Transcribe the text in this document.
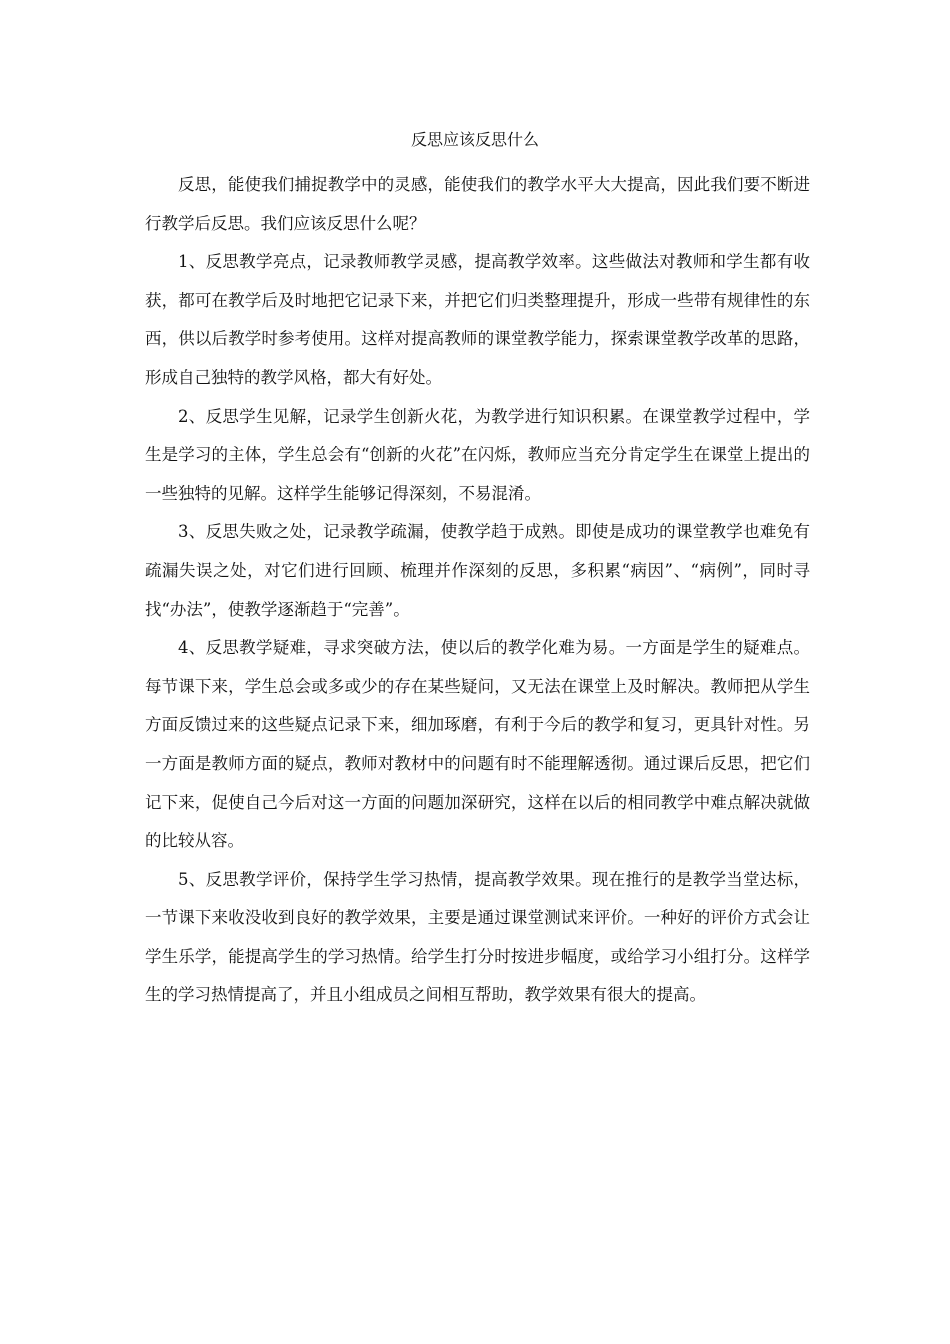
反思应该反思什么

反思，能使我们捕捉教学中的灵感，能使我们的教学水平大大提高，因此我们要不断进行教学后反思。我们应该反思什么呢？

1、反思教学亮点，记录教师教学灵感，提高教学效率。这些做法对教师和学生都有收获，都可在教学后及时地把它记录下来，并把它们归类整理提升，形成一些带有规律性的东西，供以后教学时参考使用。这样对提高教师的课堂教学能力，探索课堂教学改革的思路，形成自己独特的教学风格，都大有好处。

2、反思学生见解，记录学生创新火花，为教学进行知识积累。在课堂教学过程中，学生是学习的主体，学生总会有“创新的火花”在闪烁，教师应当充分肯定学生在课堂上提出的一些独特的见解。这样学生能够记得深刻，不易混淆。

3、反思失败之处，记录教学疏漏，使教学趋于成熟。即使是成功的课堂教学也难免有疏漏失误之处，对它们进行回顾、梳理并作深刻的反思，多积累“病因”、“病例”，同时寻找“办法”，使教学逐渐趋于“完善”。

4、反思教学疑难，寻求突破方法，使以后的教学化难为易。一方面是学生的疑难点。每节课下来，学生总会或多或少的存在某些疑问，又无法在课堂上及时解决。教师把从学生方面反馈过来的这些疑点记录下来，细加琢磨，有利于今后的教学和复习，更具针对性。另一方面是教师方面的疑点，教师对教材中的问题有时不能理解透彻。通过课后反思，把它们记下来，促使自己今后对这一方面的问题加深研究，这样在以后的相同教学中难点解决就做的比较从容。

5、反思教学评价，保持学生学习热情，提高教学效果。现在推行的是教学当堂达标，一节课下来收没收到良好的教学效果，主要是通过课堂测试来评价。一种好的评价方式会让学生乐学，能提高学生的学习热情。给学生打分时按进步幅度，或给学习小组打分。这样学生的学习热情提高了，并且小组成员之间相互帮助，教学效果有很大的提高。
